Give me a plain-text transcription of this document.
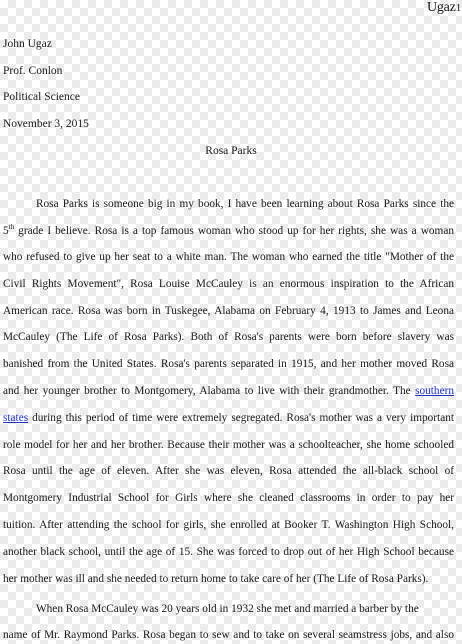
Ugaz1
John Ugaz
Prof. Conlon
Political Science
November 3, 2015
Rosa Parks
Rosa Parks is someone big in my book, I have been learning about Rosa Parks since the
5th grade I believe. Rosa is a top famous woman who stood up for her rights, she was a woman
who refused to give up her seat to a white man. The woman who earned the title "Mother of the
Civil Rights Movement", Rosa Louise McCauley is an enormous inspiration to the African
American race. Rosa was born in Tuskegee, Alabama on February 4, 1913 to James and Leona
McCauley (The Life of Rosa Parks). Both of Rosa's parents were born before slavery was
banished from the United States. Rosa's parents separated in 1915, and her mother moved Rosa
and her younger brother to Montgomery, Alabama to live with their grandmother. The southern
states during this period of time were extremely segregated. Rosa's mother was a very important
role model for her and her brother. Because their mother was a schoolteacher, she home schooled
Rosa until the age of eleven. After she was eleven, Rosa attended the all-black school of
Montgomery Industrial School for Girls where she cleaned classrooms in order to pay her
tuition. After attending the school for girls, she enrolled at Booker T. Washington High School,
another black school, until the age of 15. She was forced to drop out of her High School because
her mother was ill and she needed to return home to take care of her (The Life of Rosa Parks).
When Rosa McCauley was 20 years old in 1932 she met and married a barber by the
name of Mr. Raymond Parks. Rosa began to sew and to take on several seamstress jobs, and also
